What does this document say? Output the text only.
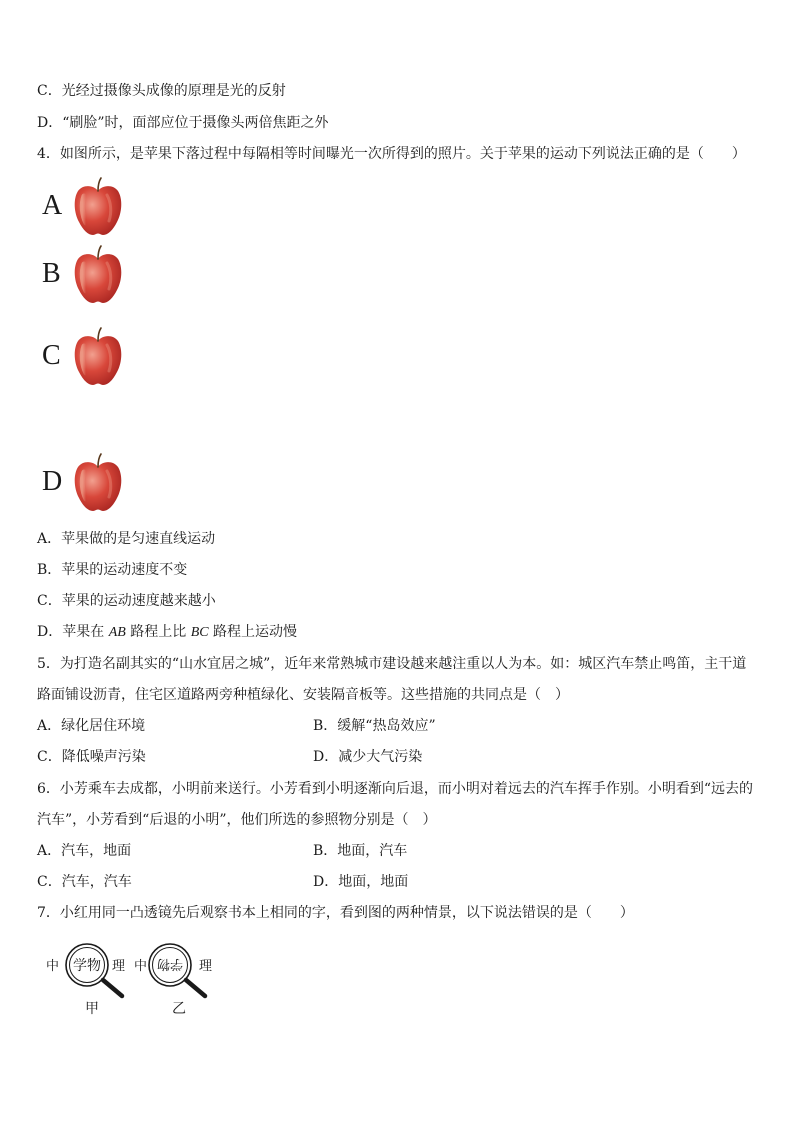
C．光经过摄像头成像的原理是光的反射
D．“刷脸”时，面部应位于摄像头两倍焦距之外
4．如图所示，是苹果下落过程中每隔相等时间曝光一次所得到的照片。关于苹果的运动下列说法正确的是（　　）
A
B
C
D
A．苹果做的是匀速直线运动
B．苹果的运动速度不变
C．苹果的运动速度越来越小
D．苹果在 AB 路程上比 BC 路程上运动慢
5．为打造名副其实的“山水宜居之城”，近年来常熟城市建设越来越注重以人为本。如：城区汽车禁止鸣笛，主干道
路面铺设沥青，住宅区道路两旁种植绿化、安装隔音板等。这些措施的共同点是（　）
A．绿化居住环境	B．缓解“热岛效应”
C．降低噪声污染	D．减少大气污染
6．小芳乘车去成都，小明前来送行。小芳看到小明逐渐向后退，而小明对着远去的汽车挥手作别。小明看到“远去的
汽车”，小芳看到“后退的小明”，他们所选的参照物分别是（　）
A．汽车，地面	B．地面，汽车
C．汽车，汽车	D．地面，地面
7．小红用同一凸透镜先后观察书本上相同的字，看到图的两种情景，以下说法错误的是（　　）
中 学物 理
甲
中 学物 理
乙
